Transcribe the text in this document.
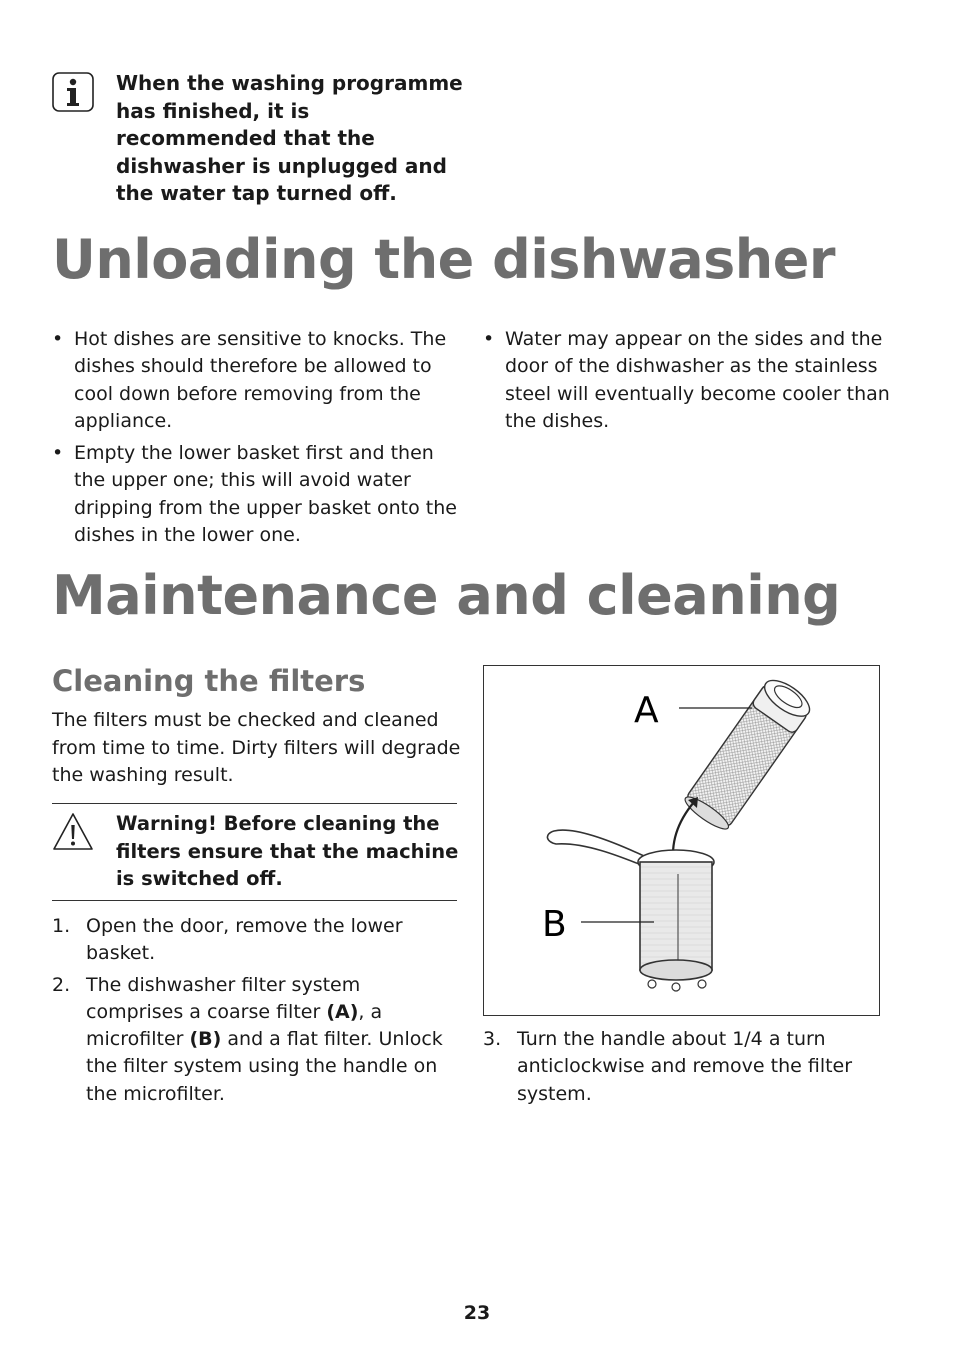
When the washing programme has finished, it is recommended that the dishwasher is unplugged and the water tap turned off.
Unloading the dishwasher
• Hot dishes are sensitive to knocks. The dishes should therefore be allowed to cool down before removing from the appliance.
• Empty the lower basket first and then the upper one; this will avoid water dripping from the upper basket onto the dishes in the lower one.
• Water may appear on the sides and the door of the dishwasher as the stainless steel will eventually become cooler than the dishes.
Maintenance and cleaning
Cleaning the filters
The filters must be checked and cleaned from time to time. Dirty filters will degrade the washing result.
Warning! Before cleaning the filters ensure that the machine is switched off.
1. Open the door, remove the lower basket.
2. The dishwasher filter system comprises a coarse filter (A), a microfilter (B) and a flat filter. Unlock the filter system using the handle on the microfilter.
A
B
3. Turn the handle about 1/4 a turn anticlockwise and remove the filter system.
23
